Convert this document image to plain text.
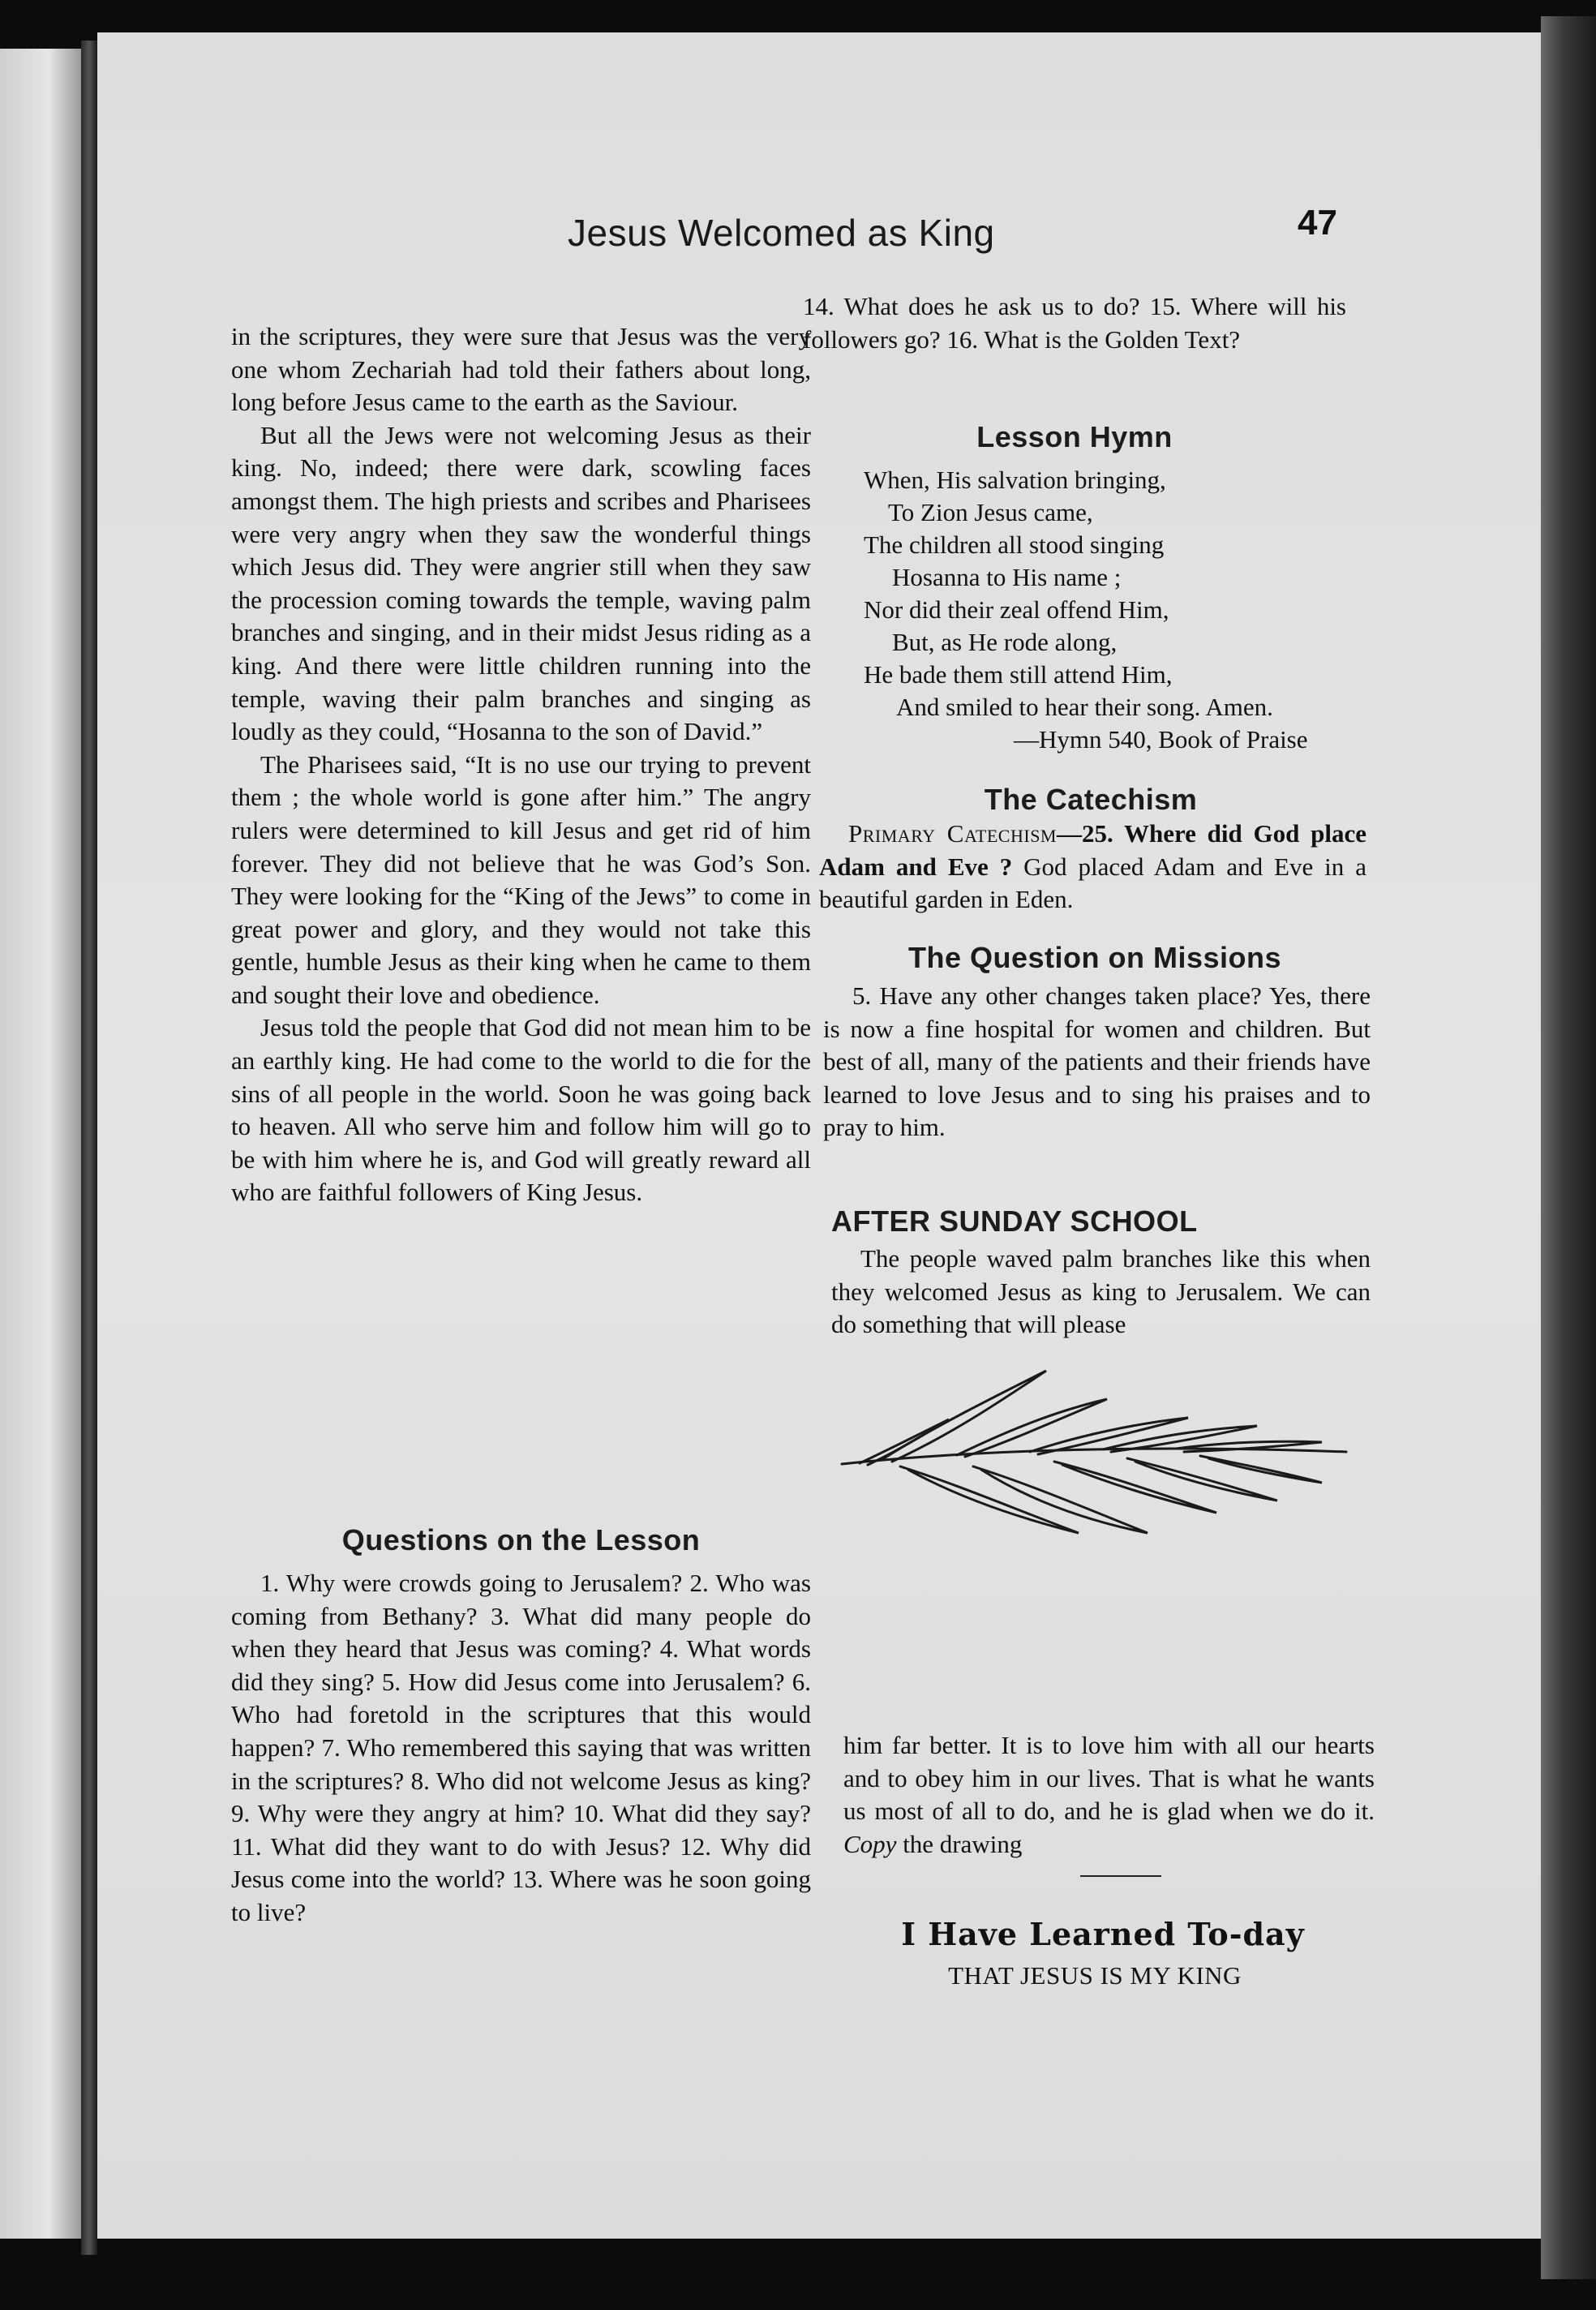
Jesus Welcomed as King	47

in the scriptures, they were sure that Jesus was the very one whom Zechariah had told their fathers about long, long before Jesus came to the earth as the Saviour.

But all the Jews were not welcoming Jesus as their king. No, indeed; there were dark, scowling faces amongst them. The high priests and scribes and Pharisees were very angry when they saw the wonderful things which Jesus did. They were angrier still when they saw the procession coming towards the temple, waving palm branches and singing, and in their midst Jesus riding as a king. And there were little children running into the temple, waving their palm branches and singing as loudly as they could, “Hosanna to the son of David.”

The Pharisees said, “It is no use our trying to prevent them ; the whole world is gone after him.” The angry rulers were determined to kill Jesus and get rid of him forever. They did not believe that he was God’s Son. They were looking for the “King of the Jews” to come in great power and glory, and they would not take this gentle, humble Jesus as their king when he came to them and sought their love and obedience.

Jesus told the people that God did not mean him to be an earthly king. He had come to the world to die for the sins of all people in the world. Soon he was going back to heaven. All who serve him and follow him will go to be with him where he is, and God will greatly reward all who are faithful followers of King Jesus.

Questions on the Lesson

1. Why were crowds going to Jerusalem? 2. Who was coming from Bethany? 3. What did many people do when they heard that Jesus was coming? 4. What words did they sing? 5. How did Jesus come into Jerusalem? 6. Who had foretold in the scriptures that this would happen? 7. Who remembered this saying that was written in the scriptures? 8. Who did not welcome Jesus as king? 9. Why were they angry at him? 10. What did they say? 11. What did they want to do with Jesus? 12. Why did Jesus come into the world? 13. Where was he soon going to live?

14. What does he ask us to do? 15. Where will his followers go? 16. What is the Golden Text?

Lesson Hymn
When, His salvation bringing,
To Zion Jesus came,
The children all stood singing
Hosanna to His name ;
Nor did their zeal offend Him,
But, as He rode along,
He bade them still attend Him,
And smiled to hear their song. Amen.
—Hymn 540, Book of Praise
The Catechism

Primary Catechism—25. Where did God place Adam and Eve ? God placed Adam and Eve in a beautiful garden in Eden.

The Question on Missions

5. Have any other changes taken place? Yes, there is now a fine hospital for women and children. But best of all, many of the patients and their friends have learned to love Jesus and to sing his praises and to pray to him.

AFTER SUNDAY SCHOOL

The people waved palm branches like this when they welcomed Jesus as king to Jerusalem. We can do something that will please

him far better. It is to love him with all our hearts and to obey him in our lives. That is what he wants us most of all to do, and he is glad when we do it. Copy the drawing

I Have Learned To-day
THAT JESUS IS MY KING
